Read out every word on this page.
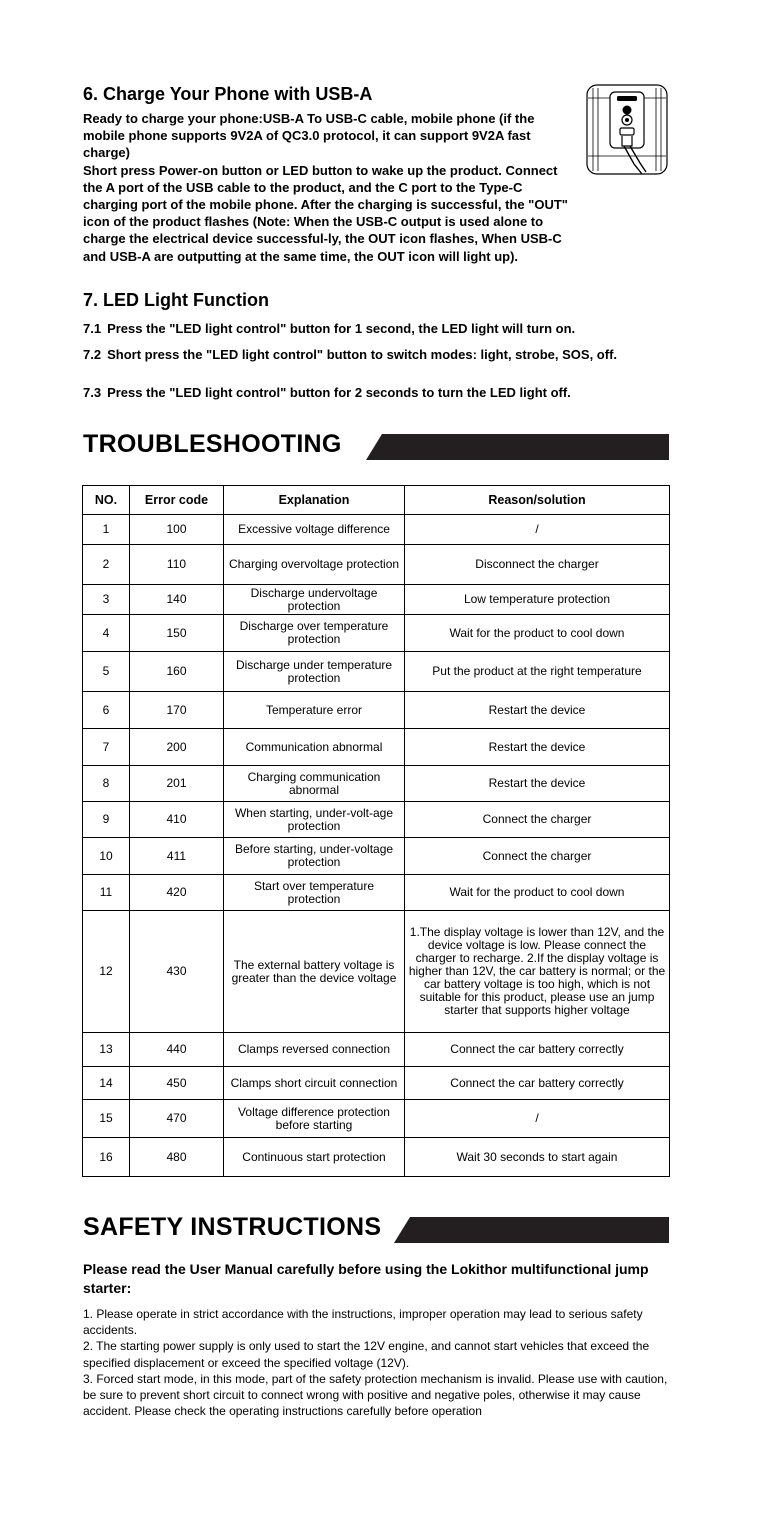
6. Charge Your Phone with USB-A

Ready to charge your phone:USB-A To USB-C cable, mobile phone (if the mobile phone supports 9V2A of QC3.0 protocol, it can support 9V2A fast charge)

Short press Power-on button or LED button to wake up the product. Connect the A port of the USB cable to the product, and the C port to the Type-C charging port of the mobile phone. After the charging is successful, the "OUT" icon of the product flashes (Note: When the USB-C output is used alone to charge the electrical device successful-ly, the OUT icon flashes, When USB-C and USB-A are outputting at the same time, the OUT icon will light up).

7. LED Light Function
7.1 Press the "LED light control" button for 1 second, the LED light will turn on.
7.2 Short press the "LED light control" button to switch modes: light, strobe, SOS, off.
7.3 Press the "LED light control" button for 2 seconds to turn the LED light off.
TROUBLESHOOTING
NO.	Error code	Explanation	Reason/solution
1	100	Excessive voltage difference	/
2	110	Charging overvoltage protection	Disconnect the charger
3	140	Discharge undervoltage protection	Low temperature protection
4	150	Discharge over temperature protection	Wait for the product to cool down
5	160	Discharge under temperature protection	Put the product at the right temperature
6	170	Temperature error	Restart the device
7	200	Communication abnormal	Restart the device
8	201	Charging communication abnormal	Restart the device
9	410	When starting, under-volt-age protection	Connect the charger
10	411	Before starting, under-voltage protection	Connect the charger
11	420	Start over temperature protection	Wait for the product to cool down
12	430	The external battery voltage is greater than the device voltage	1.The display voltage is lower than 12V, and the device voltage is low. Please connect the charger to recharge. 2.If the display voltage is higher than 12V, the car battery is normal; or the car battery voltage is too high, which is not suitable for this product, please use an jump starter that supports higher voltage
13	440	Clamps reversed connection	Connect the car battery correctly
14	450	Clamps short circuit connection	Connect the car battery correctly
15	470	Voltage difference protection before starting	/
16	480	Continuous start protection	Wait 30 seconds to start again
SAFETY INSTRUCTIONS
Please read the User Manual carefully before using the Lokithor multifunctional jump starter:

1. Please operate in strict accordance with the instructions, improper operation may lead to serious safety accidents.

2. The starting power supply is only used to start the 12V engine, and cannot start vehicles that exceed the specified displacement or exceed the specified voltage (12V).

3. Forced start mode, in this mode, part of the safety protection mechanism is invalid. Please use with caution, be sure to prevent short circuit to connect wrong with positive and negative poles, otherwise it may cause accident. Please check the operating instructions carefully before operation
